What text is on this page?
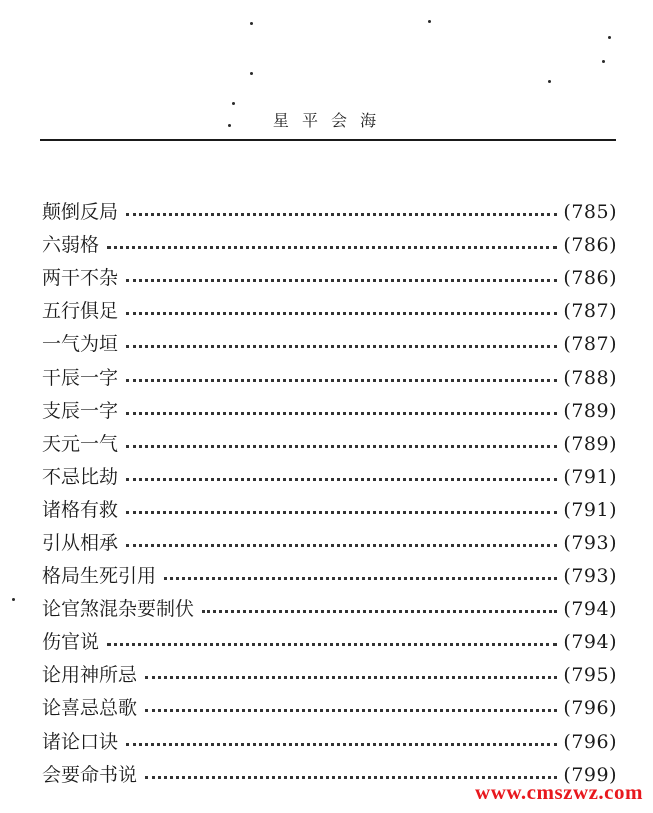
星 平 会 海
颠倒反局	(785)
六弱格	(786)
两干不杂	(786)
五行俱足	(787)
一气为垣	(787)
干辰一字	(788)
支辰一字	(789)
天元一气	(789)
不忌比劫	(791)
诸格有救	(791)
引从相承	(793)
格局生死引用	(793)
论官煞混杂要制伏	(794)
伤官说	(794)
论用神所忌	(795)
论喜忌总歌	(796)
诸论口诀	(796)
会要命书说	(799)
www.cmszwz.com
